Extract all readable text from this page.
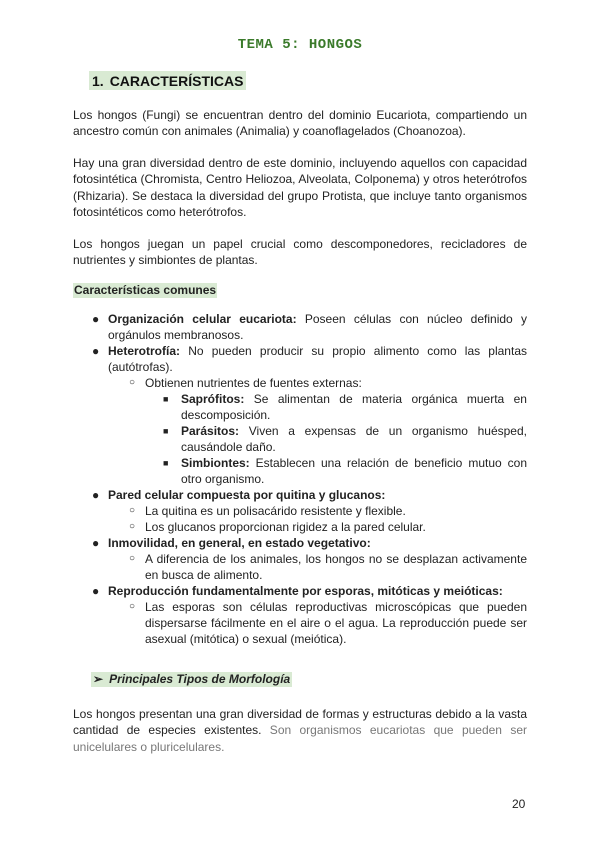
TEMA 5: HONGOS
1. CARACTERÍSTICAS

Los hongos (Fungi) se encuentran dentro del dominio Eucariota, compartiendo un ancestro común con animales (Animalia) y coanoflagelados (Choanozoa).

Hay una gran diversidad dentro de este dominio, incluyendo aquellos con capacidad fotosintética (Chromista, Centro Heliozoa, Alveolata, Colponema) y otros heterótrofos (Rhizaria). Se destaca la diversidad del grupo Protista, que incluye tanto organismos fotosintéticos como heterótrofos.

Los hongos juegan un papel crucial como descomponedores, recicladores de nutrientes y simbiontes de plantas.

Características comunes
● Organización celular eucariota: Poseen células con núcleo definido y

orgánulos membranosos.

● Heterotrofía: No pueden producir su propio alimento como las plantas

(autótrofas).

○ Obtienen nutrientes de fuentes externas:

■ Saprófitos: Se alimentan de materia orgánica muerta en

descomposición.

■ Parásitos: Viven a expensas de un organismo huésped,

causándole daño.

■ Simbiontes: Establecen una relación de beneficio mutuo con

otro organismo.

● Pared celular compuesta por quitina y glucanos:

○ La quitina es un polisacárido resistente y flexible.

○ Los glucanos proporcionan rigidez a la pared celular.

● Inmovilidad, en general, en estado vegetativo:

○ A diferencia de los animales, los hongos no se desplazan activamente

en busca de alimento.

● Reproducción fundamentalmente por esporas, mitóticas y meióticas:

○ Las esporas son células reproductivas microscópicas que pueden

dispersarse fácilmente en el aire o el agua. La reproducción puede ser

asexual (mitótica) o sexual (meiótica).

➢ Principales Tipos de Morfología

Los hongos presentan una gran diversidad de formas y estructuras debido a la vasta cantidad de especies existentes. Son organismos eucariotas que pueden ser unicelulares o pluricelulares.

20
